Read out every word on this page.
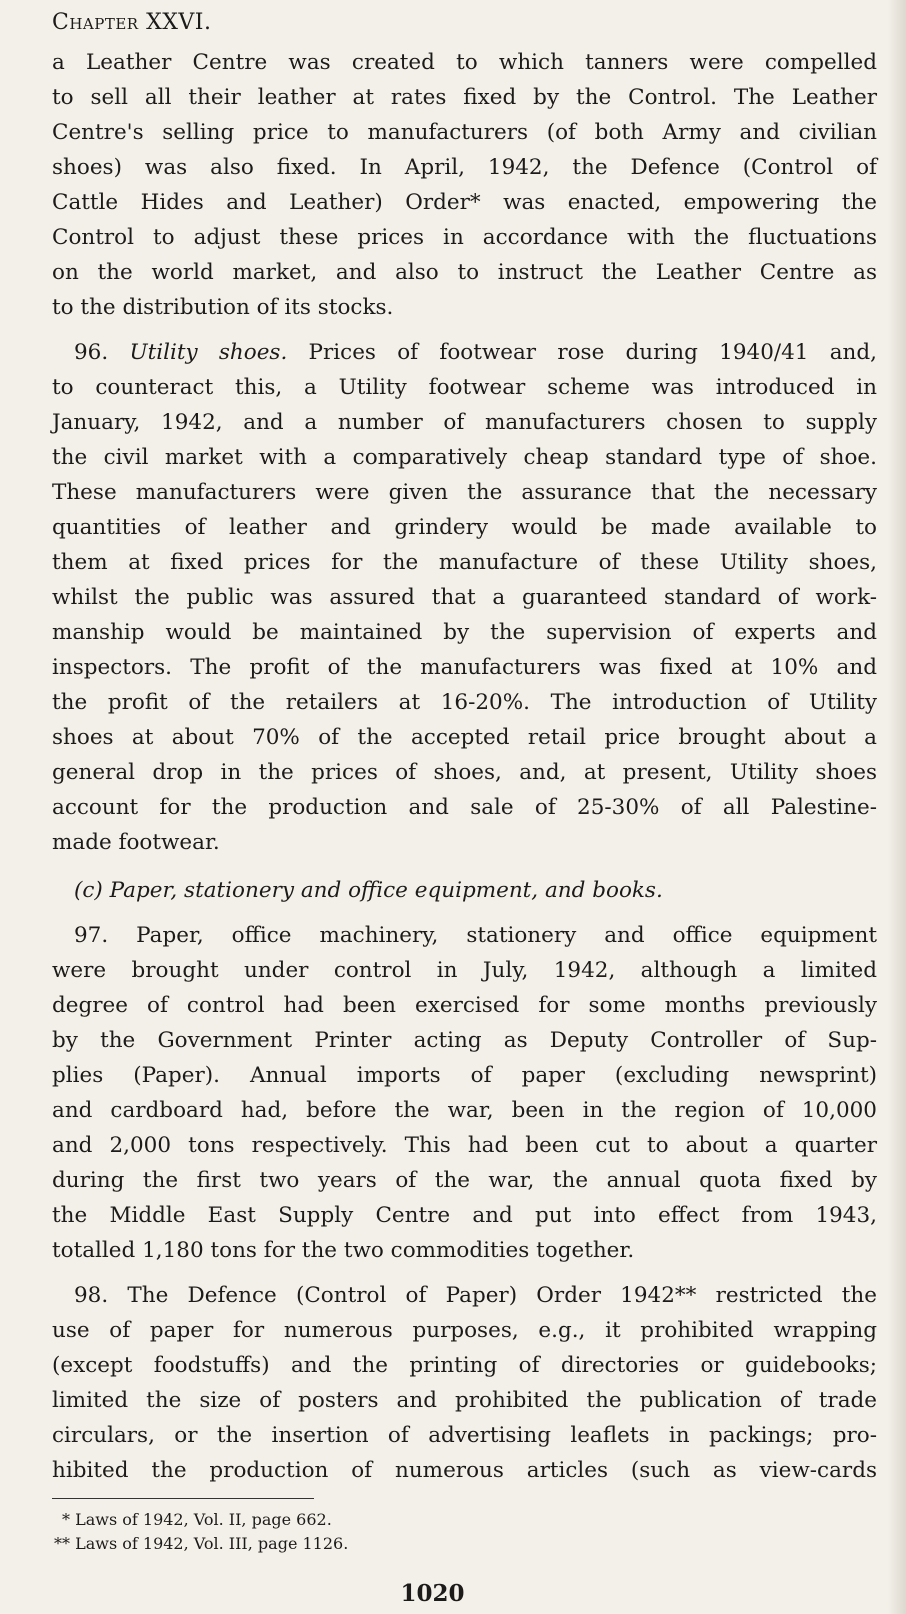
Chapter XXVI.
a Leather Centre was created to which tanners were compelled
to sell all their leather at rates fixed by the Control. The Leather
Centre's selling price to manufacturers (of both Army and civilian
shoes) was also fixed. In April, 1942, the Defence (Control of
Cattle Hides and Leather) Order* was enacted, empowering the
Control to adjust these prices in accordance with the fluctuations
on the world market, and also to instruct the Leather Centre as
to the distribution of its stocks.
96. Utility shoes. Prices of footwear rose during 1940/41 and,
to counteract this, a Utility footwear scheme was introduced in
January, 1942, and a number of manufacturers chosen to supply
the civil market with a comparatively cheap standard type of shoe.
These manufacturers were given the assurance that the necessary
quantities of leather and grindery would be made available to
them at fixed prices for the manufacture of these Utility shoes,
whilst the public was assured that a guaranteed standard of work-
manship would be maintained by the supervision of experts and
inspectors. The profit of the manufacturers was fixed at 10% and
the profit of the retailers at 16-20%. The introduction of Utility
shoes at about 70% of the accepted retail price brought about a
general drop in the prices of shoes, and, at present, Utility shoes
account for the production and sale of 25-30% of all Palestine-
made footwear.
(c) Paper, stationery and office equipment, and books.
97. Paper, office machinery, stationery and office equipment
were brought under control in July, 1942, although a limited
degree of control had been exercised for some months previously
by the Government Printer acting as Deputy Controller of Sup-
plies (Paper). Annual imports of paper (excluding newsprint)
and cardboard had, before the war, been in the region of 10,000
and 2,000 tons respectively. This had been cut to about a quarter
during the first two years of the war, the annual quota fixed by
the Middle East Supply Centre and put into effect from 1943,
totalled 1,180 tons for the two commodities together.
98. The Defence (Control of Paper) Order 1942** restricted the
use of paper for numerous purposes, e.g., it prohibited wrapping
(except foodstuffs) and the printing of directories or guidebooks;
limited the size of posters and prohibited the publication of trade
circulars, or the insertion of advertising leaflets in packings; pro-
hibited the production of numerous articles (such as view-cards
* Laws of 1942, Vol. II, page 662.
** Laws of 1942, Vol. III, page 1126.
1020
